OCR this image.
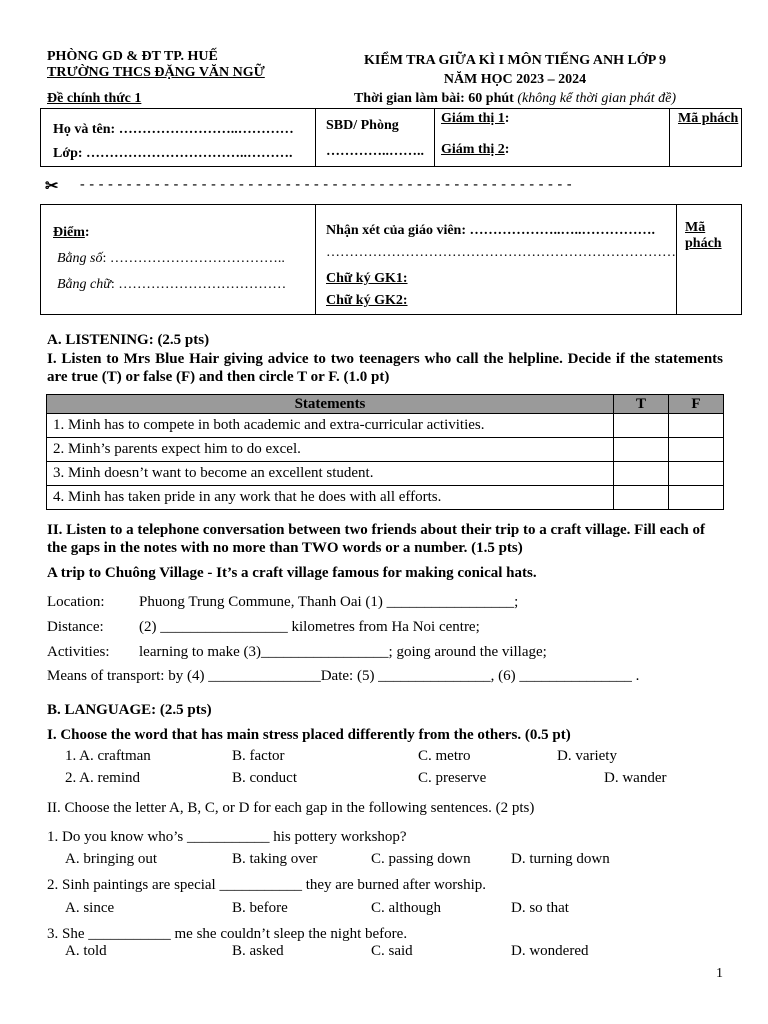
PHÒNG GD & ĐT TP. HUẾ
TRƯỜNG THCS ĐẶNG VĂN NGỮ
Đề chính thức 1
KIỂM TRA GIỮA KÌ I MÔN TIẾNG ANH LỚP 9
NĂM HỌC 2023 – 2024
Thời gian làm bài: 60 phút (không kể thời gian phát đề)
Họ và tên: ……………………..…………
Lớp: ……………………………..……….

SBD/ Phòng
…………..……..

Giám thị 1:
Giám thị 2:

Mã phách
✂ - - - - - - - - - - - - - - - - - - - - - - - - - - - - - - - - - - - - - - - - - - - - - - - - - - - - -
Điểm:
Bằng số: ………………………………..
Bằng chữ: ………………………………

Nhận xét của giáo viên: ………………..…..…………….
…………………………………………………………………
Chữ ký GK1:
Chữ ký GK2:

Mã phách
A. LISTENING: (2.5 pts)
I. Listen to Mrs Blue Hair giving advice to two teenagers who call the helpline. Decide if the statements are true (T) or false (F) and then circle T or F. (1.0 pt)
Statements	T	F
1. Minh has to compete in both academic and extra-curricular activities.		
2. Minh’s parents expect him to do excel.		
3. Minh doesn’t want to become an excellent student.		
4. Minh has taken pride in any work that he does with all efforts.		
II. Listen to a telephone conversation between two friends about their trip to a craft village. Fill each of the gaps in the notes with no more than TWO words or a number. (1.5 pts)
A trip to Chuông Village - It’s a craft village famous for making conical hats.
Location: Phuong Trung Commune, Thanh Oai (1) _________________;
Distance: (2) _________________ kilometres from Ha Noi centre;
Activities: learning to make (3)_________________; going around the village;
Means of transport: by (4) _______________Date: (5) _______________, (6) _______________ .
B. LANGUAGE: (2.5 pts)
I. Choose the word that has main stress placed differently from the others. (0.5 pt)
1. A. craftman	B. factor	C. metro	D. variety
2. A. remind	B. conduct	C. preserve	D. wander
II. Choose the letter A, B, C, or D for each gap in the following sentences. (2 pts)
1. Do you know who’s ___________ his pottery workshop?
A. bringing out	B. taking over	C. passing down	D. turning down
2. Sinh paintings are special ___________ they are burned after worship.
A. since	B. before	C. although	D. so that
3. She ___________ me she couldn’t sleep the night before.
A. told	B. asked	C. said	D. wondered
1
